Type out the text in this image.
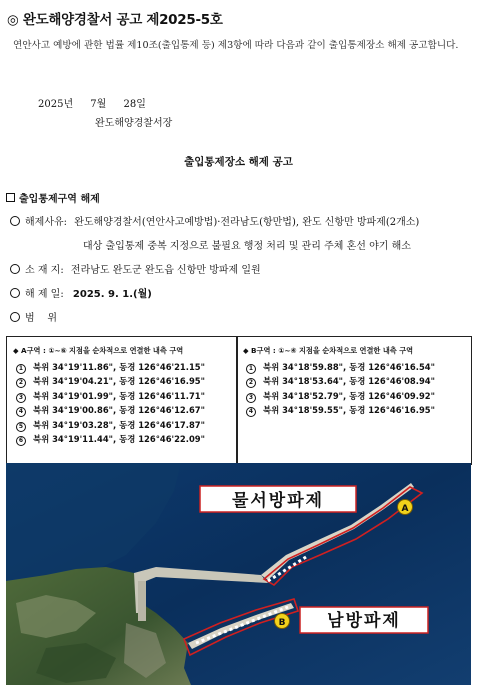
◎ 완도해양경찰서 공고 제2025-5호
연안사고 예방에 관한 법률 제10조(출입통제 등) 제3항에 따라 다음과 같이 출입통제장소 해제 공고합니다.
2025년 7월 28일
완도해양경찰서장
출입통제장소 해제 공고
출입통제구역 해제
해제사유: 완도해양경찰서(연안사고예방법)·전라남도(항만법), 완도 신항만 방파제(2개소)
대상 출입통제 중복 지정으로 불필요 행정 처리 및 관리 주체 혼선 야기 해소
소 재 지: 전라남도 완도군 완도읍 신항만 방파제 일원
해 제 일: 2025. 9. 1.(월)
범    위
◆ A구역 : ①~⑥ 지점을 순차적으로 연결한 내측 구역
1 북위 34°19'11.86", 동경 126°46'21.15"
2 북위 34°19'04.21", 동경 126°46'16.95"
3 북위 34°19'01.99", 동경 126°46'11.71"
4 북위 34°19'00.86", 동경 126°46'12.67"
5 북위 34°19'03.28", 동경 126°46'17.87"
6 북위 34°19'11.44", 동경 126°46'22.09"
◆ B구역 : ①~④ 지점을 순차적으로 연결한 내측 구역
1 북위 34°18'59.88", 동경 126°46'16.54"
2 북위 34°18'53.64", 동경 126°46'08.94"
3 북위 34°18'52.79", 동경 126°46'09.92"
4 북위 34°18'59.55", 동경 126°46'16.95"
물서방파제	A
남방파제
B
